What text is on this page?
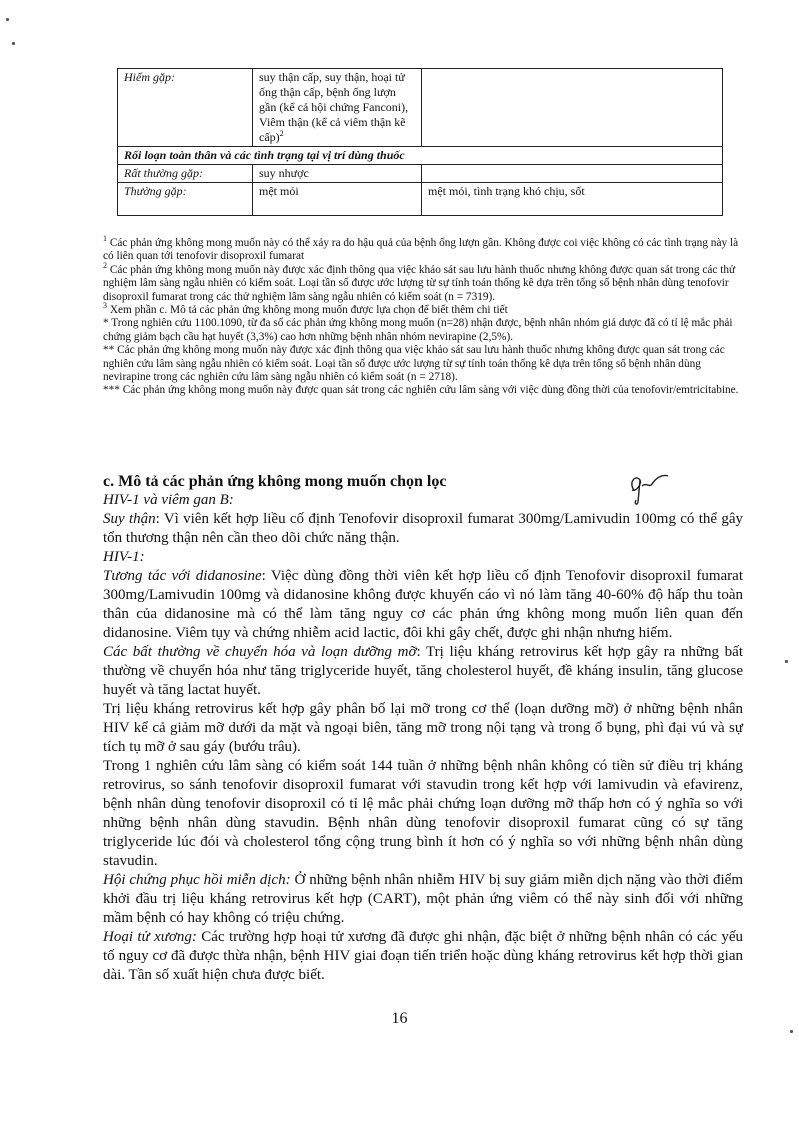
Hiếm gặp:	suy thận cấp, suy thận, hoại tử ống thận cấp, bệnh ống lượn gần (kể cả hội chứng Fanconi), Viêm thận (kể cả viêm thận kẽ cấp)$^2$	
Rối loạn toàn thân và các tình trạng tại vị trí dùng thuốc		
Rất thường gặp:	suy nhược	
Thường gặp:	mệt mỏi	mệt mỏi, tình trạng khó chịu, sốt

$^1$ Các phản ứng không mong muốn này có thể xảy ra do hậu quả của bệnh ống lượn gần. Không được coi việc không có các tình trạng này là có liên quan tới tenofovir disoproxil fumarat

$^2$ Các phản ứng không mong muốn này được xác định thông qua việc khảo sát sau lưu hành thuốc nhưng không được quan sát trong các thử nghiệm lâm sàng ngẫu nhiên có kiểm soát. Loại tần số được ước lượng từ sự tính toán thống kê dựa trên tổng số bệnh nhân dùng tenofovir disoproxil fumarat trong các thử nghiệm lâm sàng ngẫu nhiên có kiểm soát (n = 7319).

$^3$ Xem phần c. Mô tả các phản ứng không mong muốn được lựa chọn để biết thêm chi tiết

* Trong nghiên cứu 1100.1090, từ đa số các phản ứng không mong muốn (n=28) nhận được, bệnh nhân nhóm giả dược đã có tỉ lệ mắc phải chứng giảm bạch cầu hạt huyết (3,3%) cao hơn những bệnh nhân nhóm nevirapine (2,5%).

** Các phản ứng không mong muốn này được xác định thông qua việc khảo sát sau lưu hành thuốc nhưng không được quan sát trong các nghiên cứu lâm sàng ngẫu nhiên có kiểm soát. Loại tần số được ước lượng từ sự tính toán thống kê dựa trên tổng số bệnh nhân dùng nevirapine trong các nghiên cứu lâm sàng ngẫu nhiên có kiểm soát (n = 2718).

*** Các phản ứng không mong muốn này được quan sát trong các nghiên cứu lâm sàng với việc dùng đồng thời của tenofovir/emtricitabine.

c. Mô tả các phản ứng không mong muốn chọn lọc

HIV-1 và viêm gan B:

Suy thận: Vì viên kết hợp liều cố định Tenofovir disoproxil fumarat 300mg/Lamivudin 100mg có thể gây tổn thương thận nên cần theo dõi chức năng thận.

HIV-1:

Tương tác với didanosine: Việc dùng đồng thời viên kết hợp liều cố định Tenofovir disoproxil fumarat 300mg/Lamivudin 100mg và didanosine không được khuyến cáo vì nó làm tăng 40-60% độ hấp thu toàn thân của didanosine mà có thể làm tăng nguy cơ các phản ứng không mong muốn liên quan đến didanosine. Viêm tụy và chứng nhiễm acid lactic, đôi khi gây chết, được ghi nhận nhưng hiếm.

Các bất thường về chuyển hóa và loạn dưỡng mỡ: Trị liệu kháng retrovirus kết hợp gây ra những bất thường về chuyển hóa như tăng triglyceride huyết, tăng cholesterol huyết, đề kháng insulin, tăng glucose huyết và tăng lactat huyết.

Trị liệu kháng retrovirus kết hợp gây phân bố lại mỡ trong cơ thể (loạn dưỡng mỡ) ở những bệnh nhân HIV kể cả giảm mỡ dưới da mặt và ngoại biên, tăng mỡ trong nội tạng và trong ổ bụng, phì đại vú và sự tích tụ mỡ ở sau gáy (bướu trâu).

Trong 1 nghiên cứu lâm sàng có kiểm soát 144 tuần ở những bệnh nhân không có tiền sử điều trị kháng retrovirus, so sánh tenofovir disoproxil fumarat với stavudin trong kết hợp với lamivudin và efavirenz, bệnh nhân dùng tenofovir disoproxil có tỉ lệ mắc phải chứng loạn dưỡng mỡ thấp hơn có ý nghĩa so với những bệnh nhân dùng stavudin. Bệnh nhân dùng tenofovir disoproxil fumarat cũng có sự tăng triglyceride lúc đói và cholesterol tổng cộng trung bình ít hơn có ý nghĩa so với những bệnh nhân dùng stavudin.

Hội chứng phục hồi miễn dịch: Ở những bệnh nhân nhiễm HIV bị suy giảm miễn dịch nặng vào thời điểm khởi đầu trị liệu kháng retrovirus kết hợp (CART), một phản ứng viêm có thể này sinh đối với những mầm bệnh có hay không có triệu chứng.

Hoại tử xương: Các trường hợp hoại tử xương đã được ghi nhận, đặc biệt ở những bệnh nhân có các yếu tố nguy cơ đã được thừa nhận, bệnh HIV giai đoạn tiến triển hoặc dùng kháng retrovirus kết hợp thời gian dài. Tần số xuất hiện chưa được biết.

16
